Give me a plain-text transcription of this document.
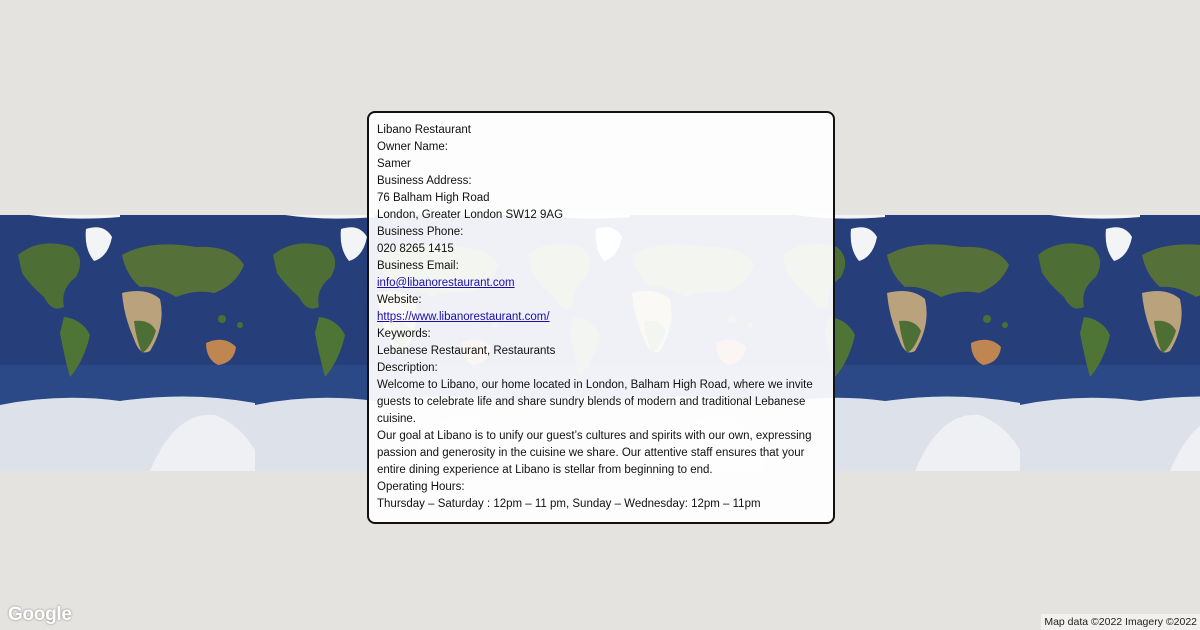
Libano Restaurant
Owner Name:
Samer
Business Address:
76 Balham High Road
London, Greater London SW12 9AG
Business Phone:
020 8265 1415
Business Email:
info@libanorestaurant.com
Website:
https://www.libanorestaurant.com/
Keywords:
Lebanese Restaurant, Restaurants
Description:
Welcome to Libano, our home located in London, Balham High Road, where we invite guests to celebrate life and share sundry blends of modern and traditional Lebanese cuisine.
Our goal at Libano is to unify our guest’s cultures and spirits with our own, expressing passion and generosity in the cuisine we share. Our attentive staff ensures that your entire dining experience at Libano is stellar from beginning to end.
Operating Hours:
Thursday – Saturday : 12pm – 11 pm, Sunday – Wednesday: 12pm – 11pm
Google	Map data ©2022 Imagery ©2022
